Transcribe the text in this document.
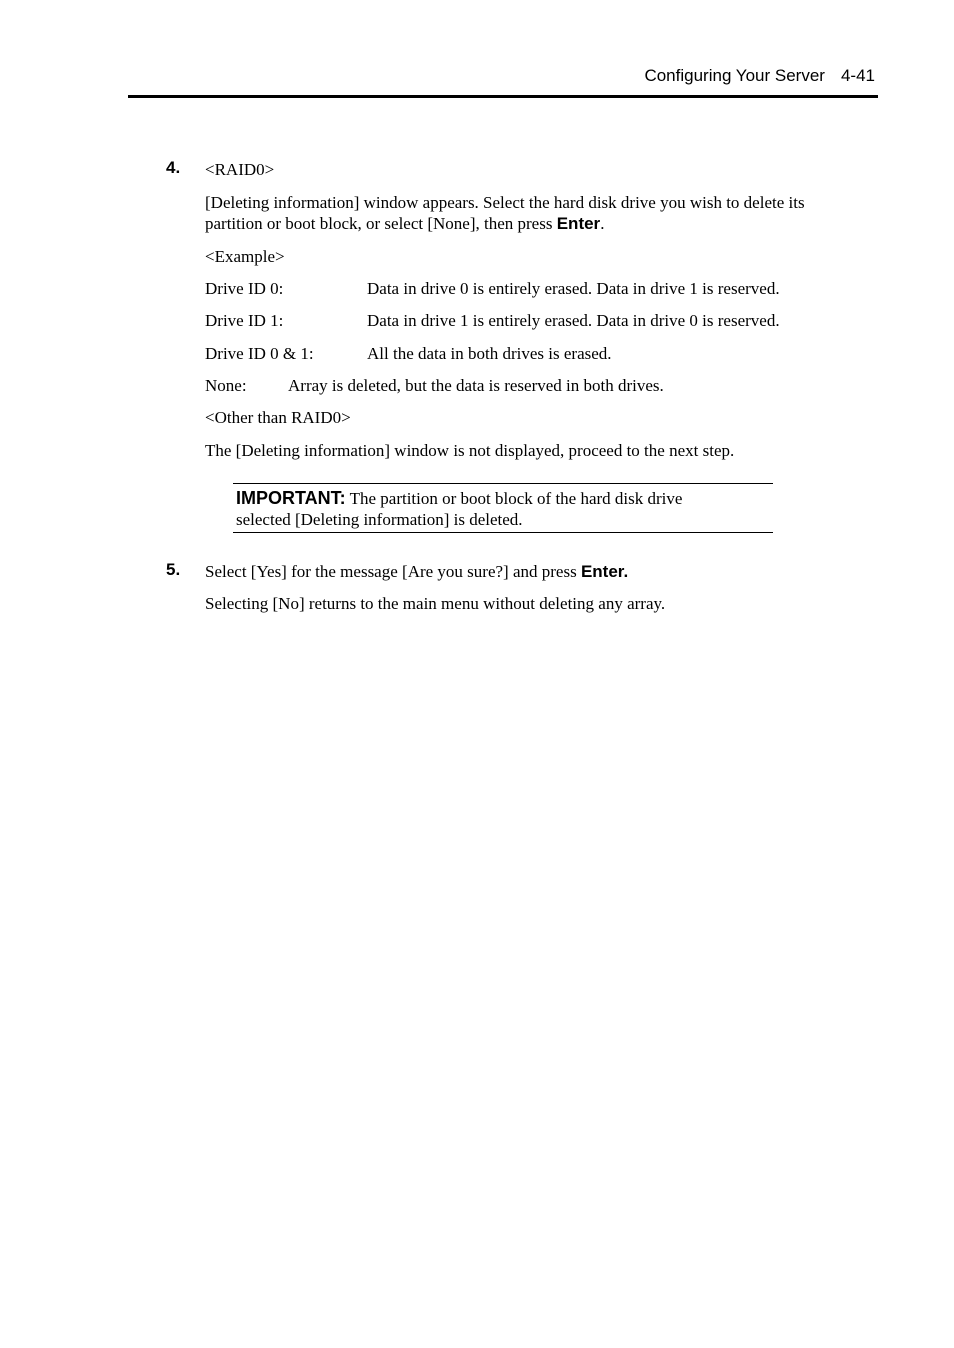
Configuring Your Server 4-41
4. <RAID0>
[Deleting information] window appears. Select the hard disk drive you wish to delete its
partition or boot block, or select [None], then press Enter.
<Example>
Drive ID 0:	Data in drive 0 is entirely erased. Data in drive 1 is reserved.
Drive ID 1:	Data in drive 1 is entirely erased. Data in drive 0 is reserved.
Drive ID 0 & 1:	All the data in both drives is erased.
None: Array is deleted, but the data is reserved in both drives.
<Other than RAID0>
The [Deleting information] window is not displayed, proceed to the next step.
IMPORTANT: The partition or boot block of the hard disk drive
selected [Deleting information] is deleted.
5. Select [Yes] for the message [Are you sure?] and press Enter.
Selecting [No] returns to the main menu without deleting any array.
